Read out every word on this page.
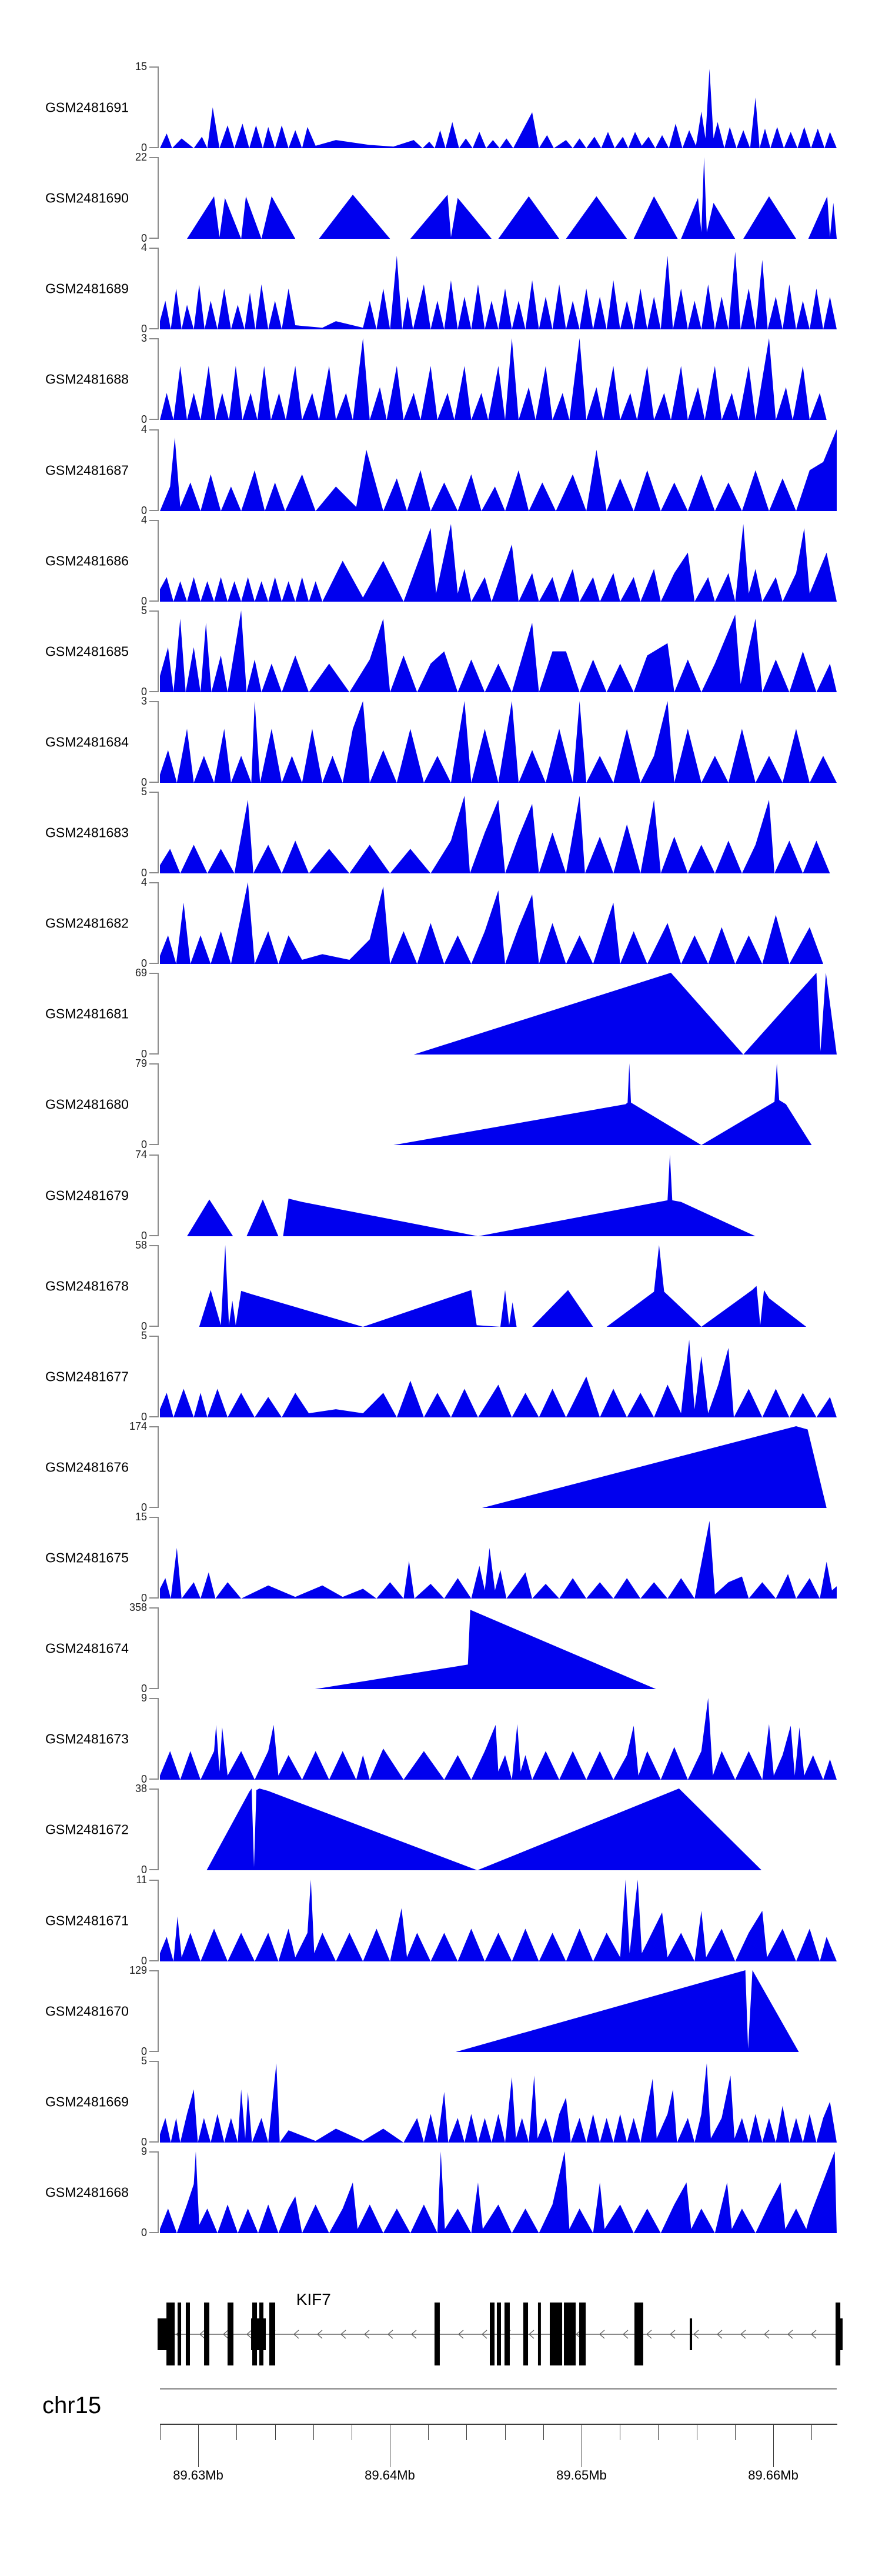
GSM2481691
15
0
GSM2481690
22
0
GSM2481689
4
0
GSM2481688
3
0
GSM2481687
4
0
GSM2481686
4
0
GSM2481685
5
0
GSM2481684
3
0
GSM2481683
5
0
GSM2481682
4
0
GSM2481681
69
0
GSM2481680
79
0
GSM2481679
74
0
GSM2481678
58
0
GSM2481677
5
0
GSM2481676
174
0
GSM2481675
15
0
GSM2481674
358
0
GSM2481673
9
0
GSM2481672
38
0
GSM2481671
11
0
GSM2481670
129
0
GSM2481669
5
0
GSM2481668
9
0
KIF7
chr15
89.63Mb	89.64Mb	89.65Mb	89.66Mb
